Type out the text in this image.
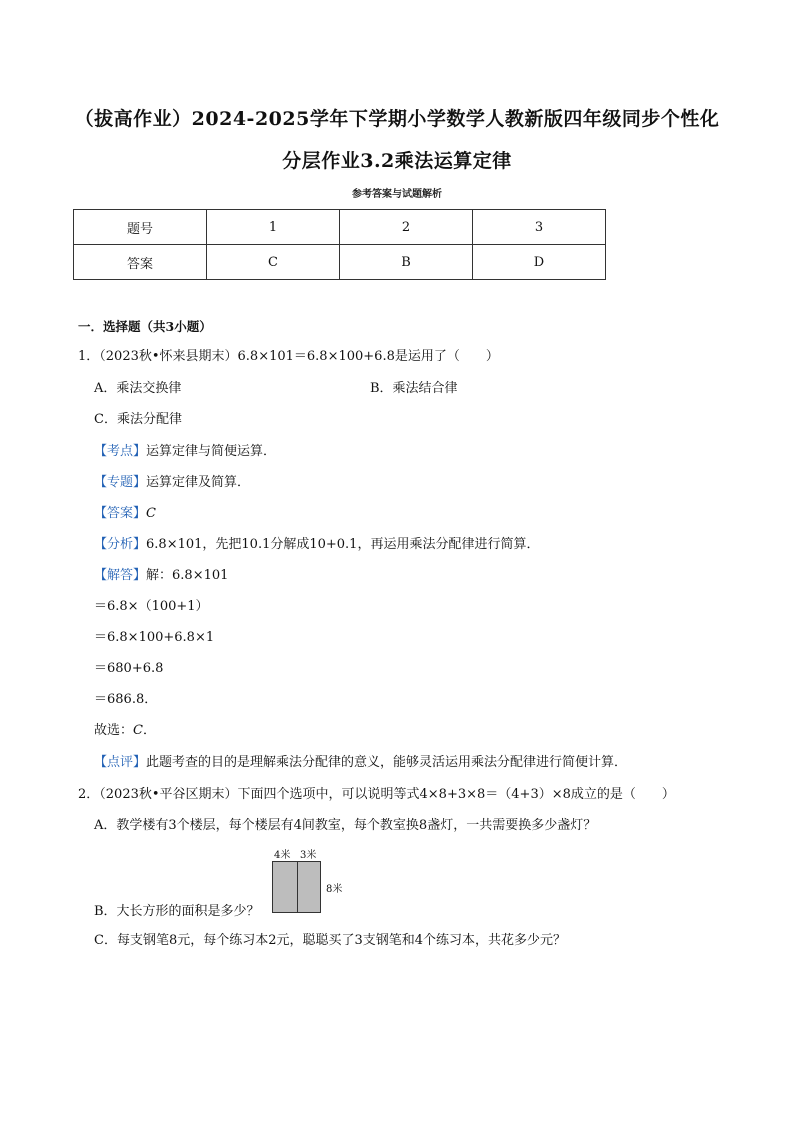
（拔高作业）2024-2025学年下学期小学数学人教新版四年级同步个性化
分层作业3.2乘法运算定律
参考答案与试题解析
题号	1	2	3
答案	C	B	D
一．选择题（共3小题）
1．（2023秋•怀来县期末）6.8×101＝6.8×100+6.8是运用了（　　）
A．乘法交换律	B．乘法结合律
C．乘法分配律
【考点】运算定律与简便运算．
【专题】运算定律及简算．
【答案】C
【分析】6.8×101，先把10.1分解成10+0.1，再运用乘法分配律进行简算．
【解答】解：6.8×101
＝6.8×（100+1）
＝6.8×100+6.8×1
＝680+6.8
＝686.8．
故选：C．
【点评】此题考查的目的是理解乘法分配律的意义，能够灵活运用乘法分配律进行简便计算．
2．（2023秋•平谷区期末）下面四个选项中，可以说明等式4×8+3×8＝（4+3）×8成立的是（　　）
A．教学楼有3个楼层，每个楼层有4间教室，每个教室换8盏灯，一共需要换多少盏灯？
4米 3米
8米
B．大长方形的面积是多少？
C．每支钢笔8元，每个练习本2元，聪聪买了3支钢笔和4个练习本，共花多少元？
